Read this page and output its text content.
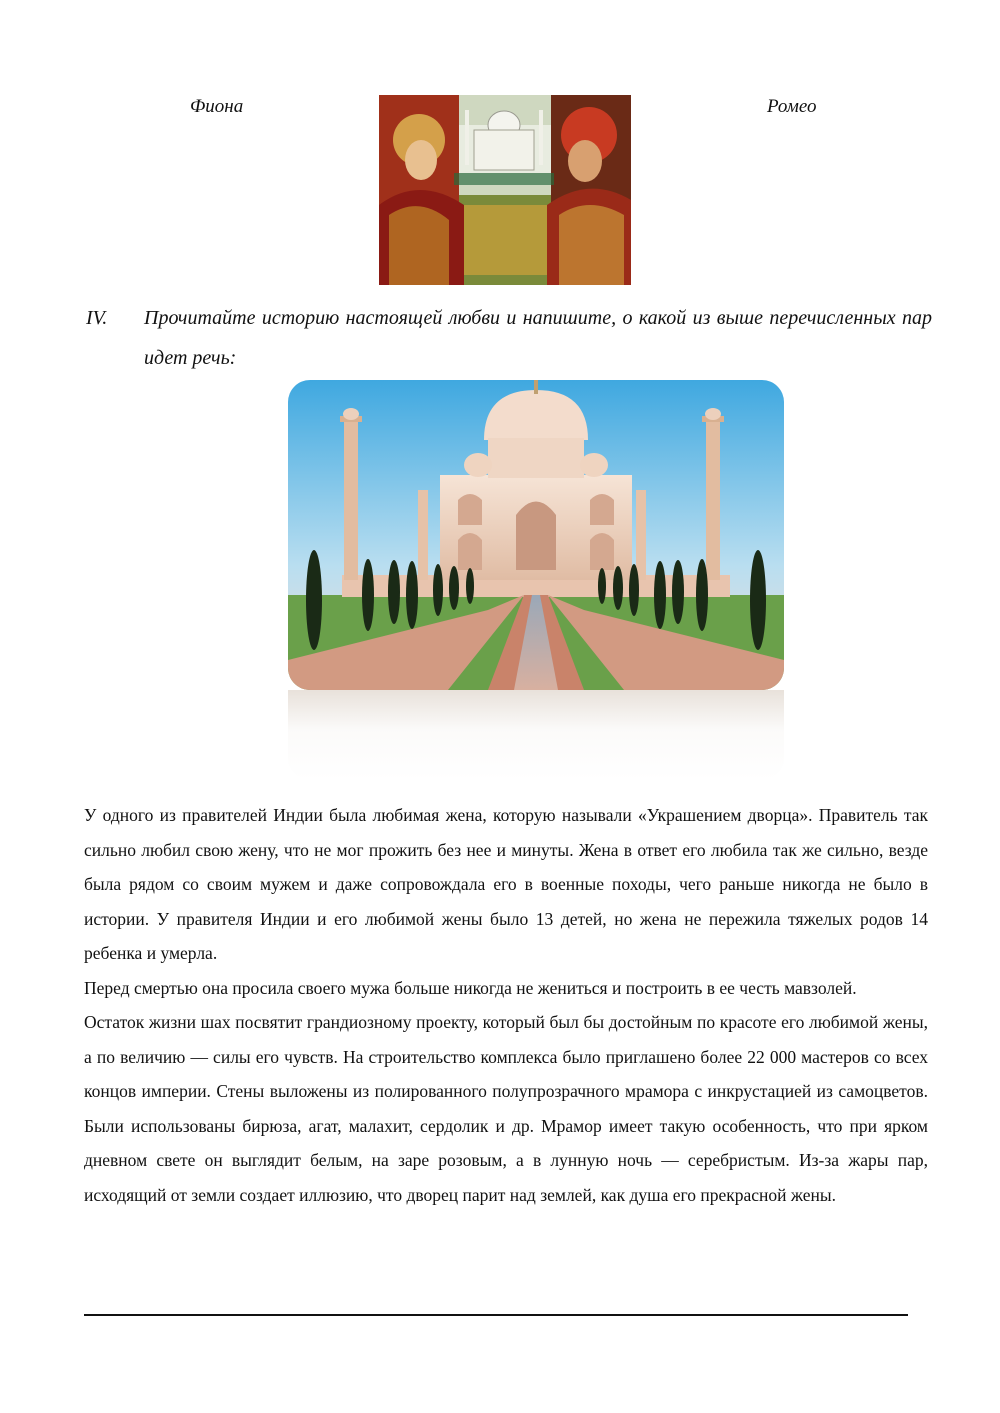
Фиона	Ромео
IV. Прочитайте историю настоящей любви и напишите, о какой из выше перечисленных пар идет речь:

У одного из правителей Индии была любимая жена, которую называли «Украшением дворца». Правитель так сильно любил свою жену, что не мог прожить без нее и минуты. Жена в ответ его любила так же сильно, везде была рядом со своим мужем и даже сопровождала его в военные походы, чего раньше никогда не было в истории. У правителя Индии и его любимой жены было 13 детей, но жена не пережила тяжелых родов 14 ребенка и умерла.

Перед смертью она просила своего мужа больше никогда не жениться и построить в ее честь мавзолей.

Остаток жизни шах посвятит грандиозному проекту, который был бы достойным по красоте его любимой жены, а по величию — силы его чувств. На строительство комплекса было приглашено более 22 000 мастеров со всех концов империи. Стены выложены из полированного полупрозрачного мрамора с инкрустацией из самоцветов. Были использованы бирюза, агат, малахит, сердолик и др. Мрамор имеет такую особенность, что при ярком дневном свете он выглядит белым, на заре розовым, а в лунную ночь — серебристым. Из-за жары пар, исходящий от земли создает иллюзию, что дворец парит над землей, как душа его прекрасной жены.
